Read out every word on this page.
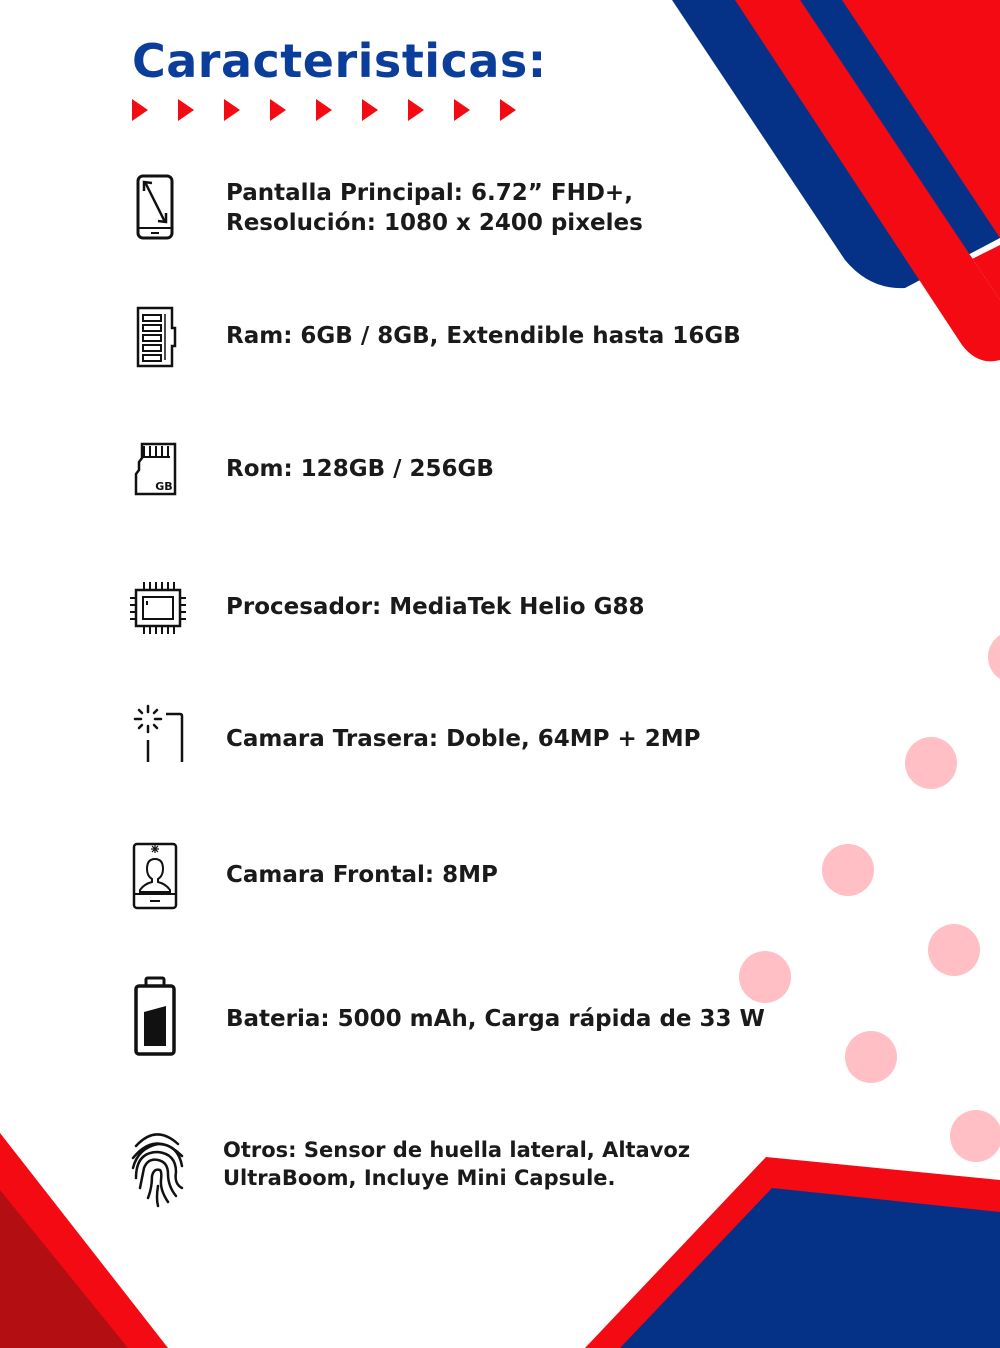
Caracteristicas:

Pantalla Principal: 6.72” FHD+, Resolución: 1080 x 2400 pixeles

Ram: 6GB / 8GB, Extendible hasta 16GB

GB

Rom: 128GB / 256GB

Procesador: MediaTek Helio G88

Camara Trasera: Doble, 64MP + 2MP

Camara Frontal: 8MP

Bateria: 5000 mAh, Carga rápida de 33 W

Otros: Sensor de huella lateral, Altavoz UltraBoom, Incluye Mini Capsule.
